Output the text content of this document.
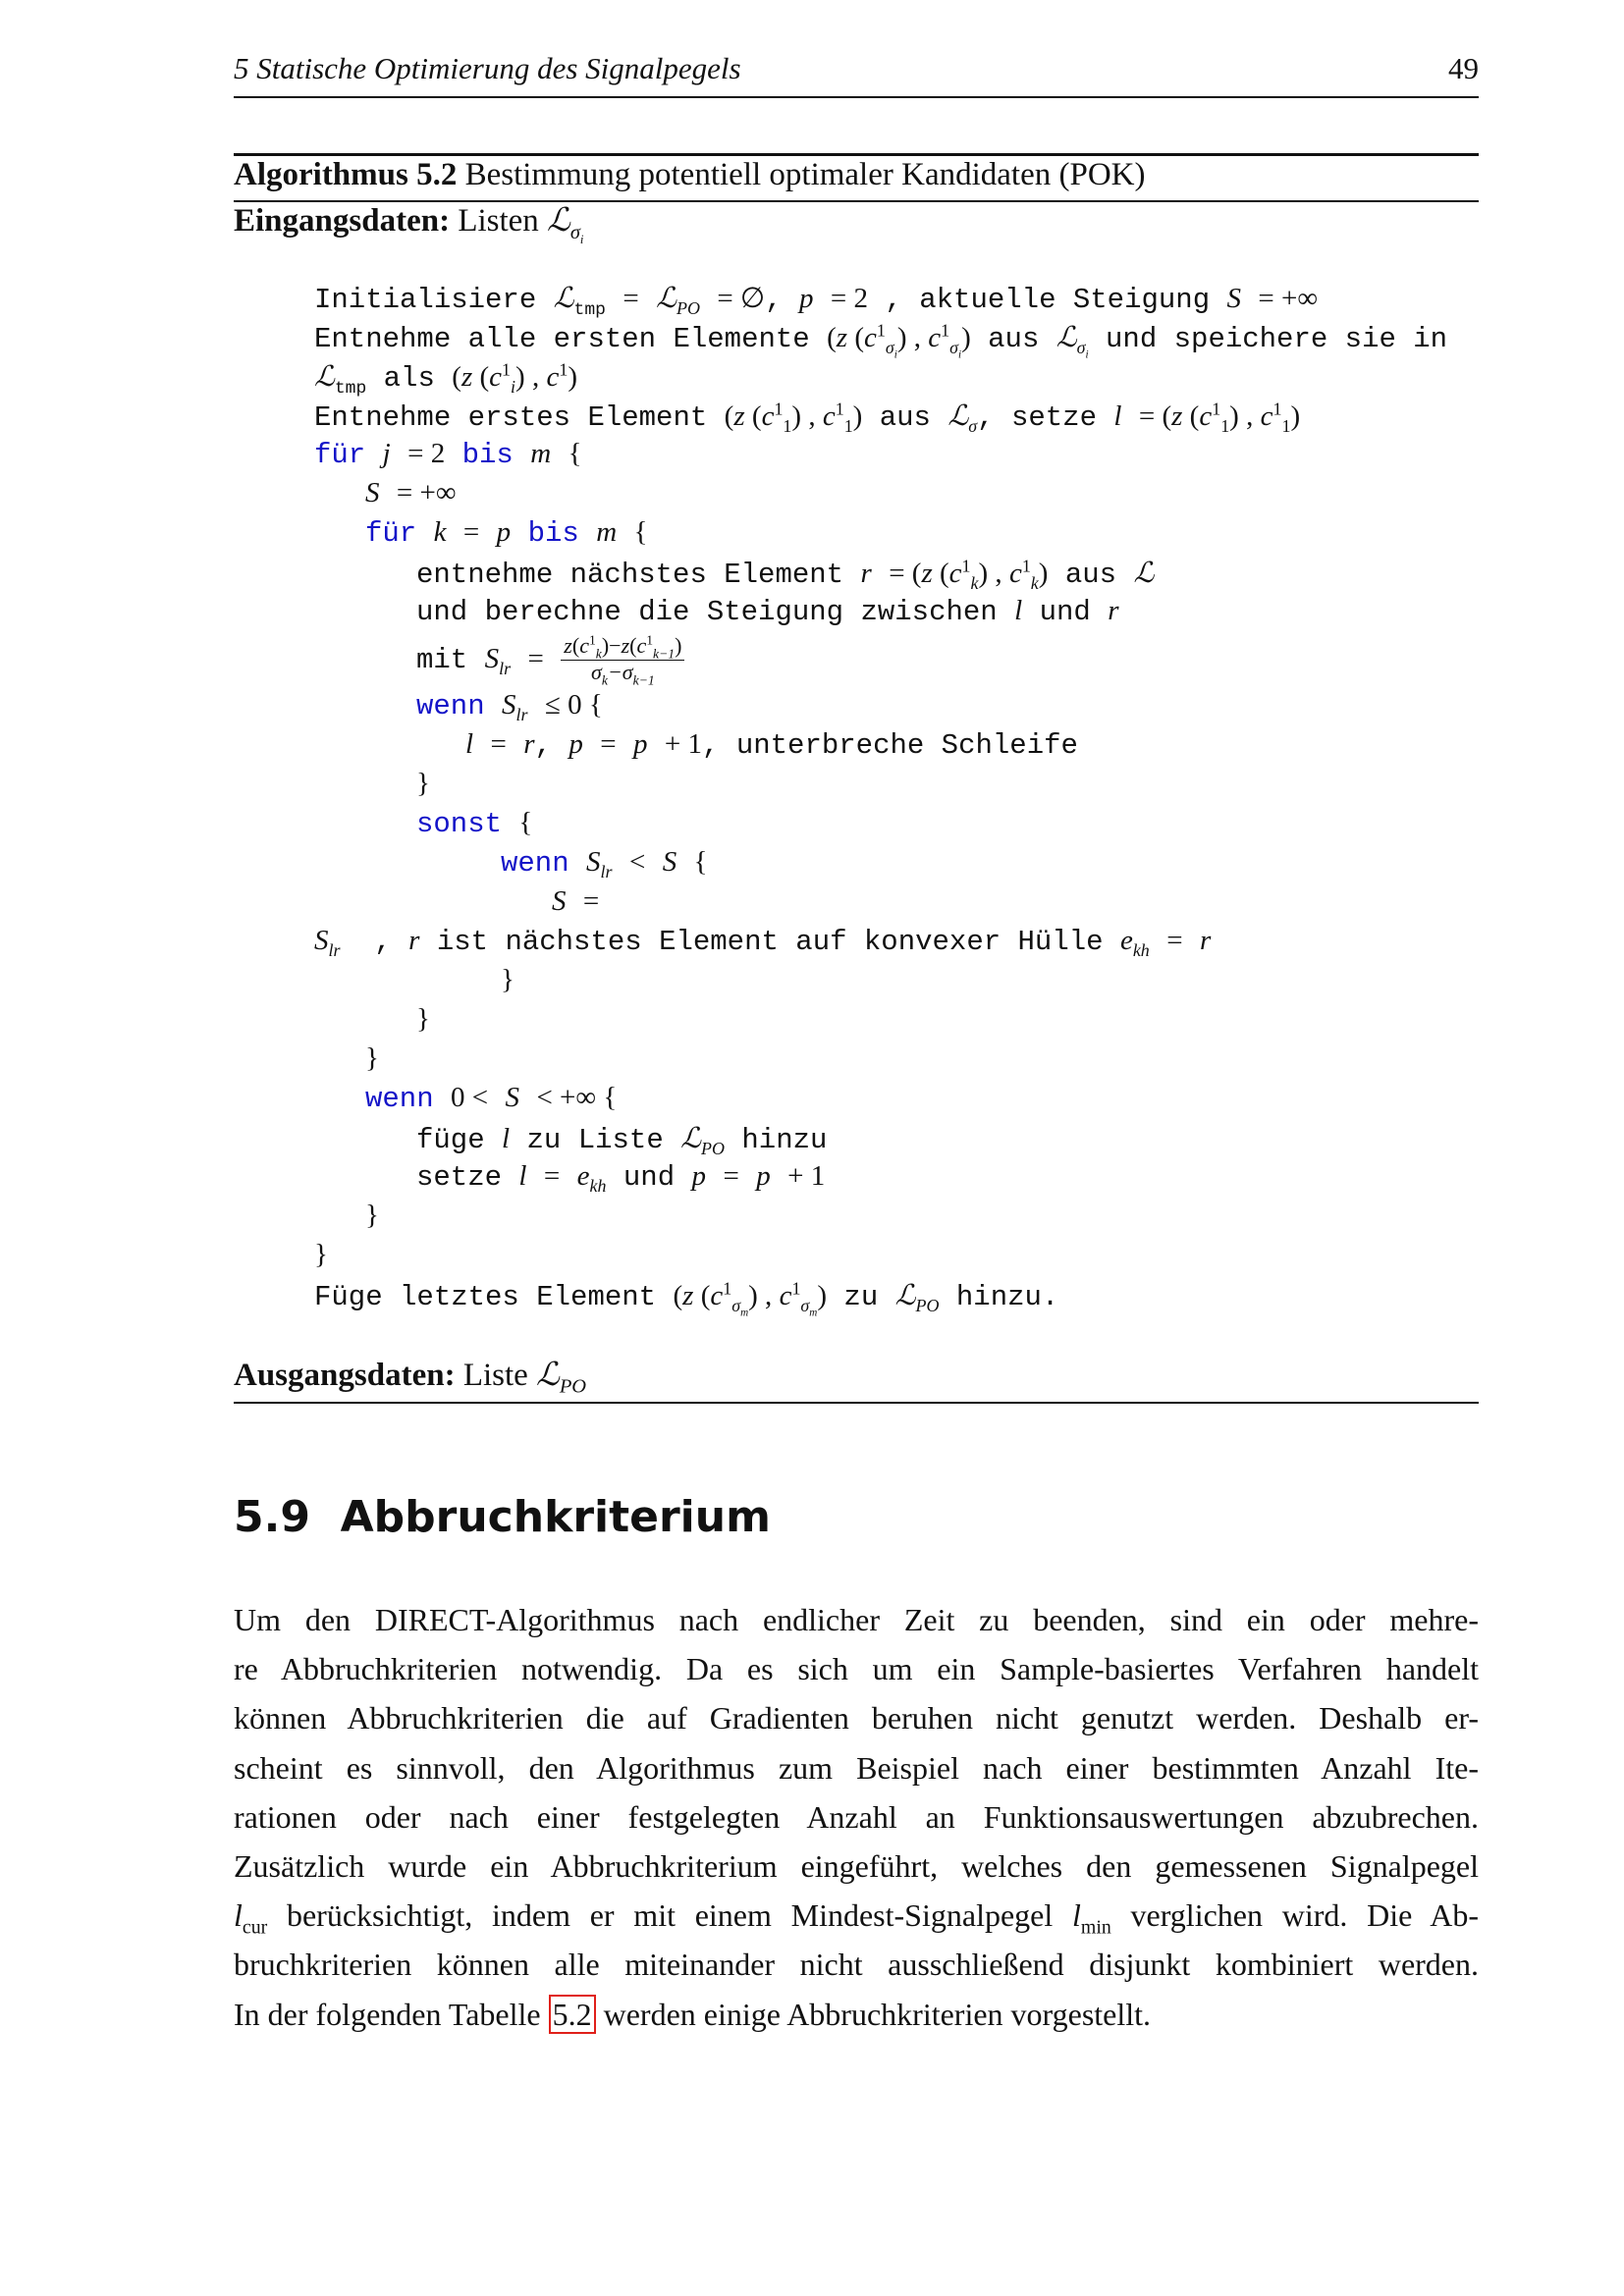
5 Statische Optimierung des Signalpegels	49
Algorithmus 5.2 Bestimmung potentiell optimaler Kandidaten (POK)
Eingangsdaten: Listen ℒ$_{\sigma_i}$
Initialisiere ℒ$_{tmp}$ = ℒ$_{PO}$ = ∅, p = 2 , aktuelle Steigung S = +∞
Entnehme alle ersten Elemente (z $(c^1_{\sigma_i})$ , $c^1_{\sigma_i}$) aus ℒ$_{\sigma_i}$ und speichere sie in
ℒ$_{tmp}$ als (z $(c^1_i)$ , $c^1$)
Entnehme erstes Element (z $(c^1_1)$ , $c^1_1$) aus ℒ$_\sigma$, setze l = (z $(c^1_1)$ , $c^1_1$)
für j = 2 bis m {
S = +∞
für k = p bis m {
entnehme nächstes Element r = (z $(c^1_k)$ , $c^1_k$) aus ℒ
und berechne die Steigung zwischen l und r
mit $S_{lr} = \frac{z(c^1_k)-z(c^1_{k-1})}{\sigma_k-\sigma_{k-1}}$
wenn $S_{lr} \le 0$ {
l = r, p = p + 1, unterbreche Schleife
}
sonst {
wenn $S_{lr} < S$ {
S =
$S_{lr}$  , r ist nächstes Element auf konvexer Hülle $e_{kh} = r$
}
}
}
wenn 0 < S < +∞ {
füge l zu Liste ℒ$_{PO}$ hinzu
setze $l = e_{kh}$ und p = p + 1
}
}
Füge letztes Element (z $(c^1_{\sigma_m})$ , $c^1_{\sigma_m}$) zu ℒ$_{PO}$ hinzu.
Ausgangsdaten: Liste ℒ$_{PO}$
5.9 Abbruchkriterium
Um den DIRECT-Algorithmus nach endlicher Zeit zu beenden, sind ein oder mehre-
re Abbruchkriterien notwendig. Da es sich um ein Sample-basiertes Verfahren handelt
können Abbruchkriterien die auf Gradienten beruhen nicht genutzt werden. Deshalb er-
scheint es sinnvoll, den Algorithmus zum Beispiel nach einer bestimmten Anzahl Ite-
rationen oder nach einer festgelegten Anzahl an Funktionsauswertungen abzubrechen.
Zusätzlich wurde ein Abbruchkriterium eingeführt, welches den gemessenen Signalpegel
$l_{cur}$ berücksichtigt, indem er mit einem Mindest-Signalpegel $l_{min}$ verglichen wird. Die Ab-
bruchkriterien können alle miteinander nicht ausschließend disjunkt kombiniert werden.
In der folgenden Tabelle 5.2 werden einige Abbruchkriterien vorgestellt.
